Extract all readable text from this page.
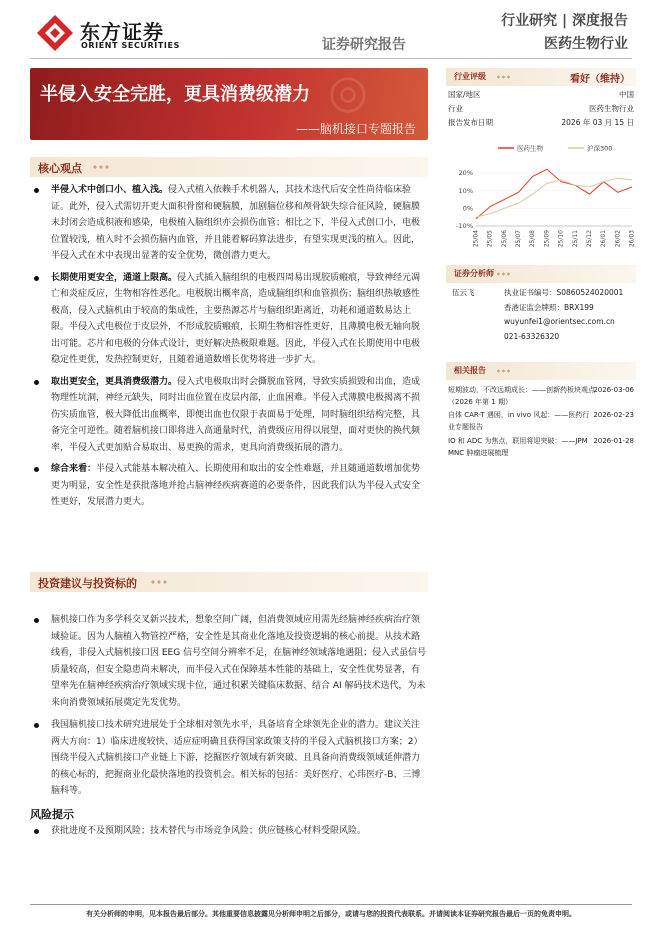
东方证券
ORIENT SECURITIES	证券研究报告
行业研究 | 深度报告
医药生物行业
◎
半侵入安全完胜，更具消费级潜力
——脑机接口专题报告
核心观点
半侵入术中创口小、植入浅。侵入式植入依赖手术机器人，其技术迭代后安全性尚待临床验证。此外，侵入式需切开更大面积骨窗和硬脑膜，加剧脑位移和颅骨缺失综合征风险，硬脑膜未封闭会造成积液和感染，电极植入脑组织亦会损伤血管；相比之下，半侵入式创口小，电极位置较浅，植入时不会损伤脑内血管，并且能着解码算法进步，有望实现更浅的植入。因此，半侵入式在术中表现出显著的安全优势，微创潜力更大。
长期使用更安全，通道上限高。侵入式插入脑组织的电极四周易出现胶质瘢痕，导致神经元凋亡和炎症反应，生物相容性恶化。电极脱出概率高，造成脑组织和血管损伤；脑组织热敏感性极高，侵入式脑机由于较高的集成性，主要热源芯片与脑组织距离近，功耗和通道数易达上限。半侵入式电极位于皮层外，不形成胶质瘢痕，长期生物相容性更好，且薄膜电极无轴向脱出可能。芯片和电极的分体式设计，更好解决热极限难题。因此，半侵入式在长期使用中电极稳定性更优，发热控制更好，且随着通道数增长优势将进一步扩大。
取出更安全，更具消费级潜力。侵入式电极取出时会撕脱血管网，导致实质损毁和出血，造成物理性坑洞，神经元缺失，同时出血位置在皮层内部，止血困难。半侵入式薄膜电极揭离不损伤实质血管，极大降低出血概率，即便出血也仅限于表面易于处理，同时脑组织结构完整，具备完全可逆性。随着脑机接口即将进入高通量时代，消费级应用得以展望，面对更快的换代频率，半侵入式更加贴合易取出、易更换的需求，更具向消费级拓展的潜力。
综合来看：半侵入式能基本解决植入、长期使用和取出的安全性难题，并且随通道数增加优势更为明显，安全性是获批落地并抢占脑神经疾病赛道的必要条件，因此我们认为半侵入式安全性更好，发展潜力更大。
投资建议与投资标的
脑机接口作为多学科交叉新兴技术，想象空间广阔，但消费领域应用需先经脑神经疾病治疗领域验证。因为人脑植入物管控严格，安全性是其商业化落地及投资逻辑的核心前提。从技术路线看，非侵入式脑机接口因 EEG 信号空间分辨率不足，在脑神经领域落地遇阻；侵入式虽信号质量较高，但安全隐患尚未解决，而半侵入式在保障基本性能的基础上，安全性优势显著，有望率先在脑神经疾病治疗领域实现卡位，通过积累关键临床数据、结合 AI 解码技术迭代，为未来向消费领域拓展奠定先发优势。
我国脑机接口技术研究进展处于全球相对领先水平，具备培育全球领先企业的潜力。建议关注两大方向：1）临床进度较快、适应症明确且获得国家政策支持的半侵入式脑机接口方案；2）围绕半侵入式脑机接口产业链上下游，挖掘医疗领域有新突破、且具备向消费级领域延伸潜力的核心标的，把握商业化最快落地的投资机会。相关标的包括：美好医疗、心玮医疗-B、三博脑科等。
风险提示
获批进度不及预期风险；技术替代与市场竞争风险；供应链核心材料受限风险。
行业评级	看好（维持）
国家/地区	中国
行业	医药生物行业
报告发布日期	2026 年 03 月 15 日
医药生物	沪深300
20%
10%
0%
-10%
25/04 25/05 25/06 25/07 25/08 25/09 25/10 25/11 25/12 26/01 26/02 26/03
证券分析师
伍云飞	执业证书编号：S0860524020001
香港证监会牌照：BRX199
wuyunfei1@orientsec.com.cn
021-63326320
相关报告
短期波动，不改远期成长：——创新药板块观点（2026 年第 1 期）
2026-03-06
自体 CAR-T 遇困，in vivo 风起：——医药行业专题报告
2026-02-23
IO 和 ADC 为焦点，联用将迎突破：——JPM MNC 肿瘤进展梳理
2026-01-28
有关分析师的申明，见本报告最后部分。其他重要信息披露见分析师申明之后部分，或请与您的投资代表联系。并请阅读本证券研究报告最后一页的免责申明。
